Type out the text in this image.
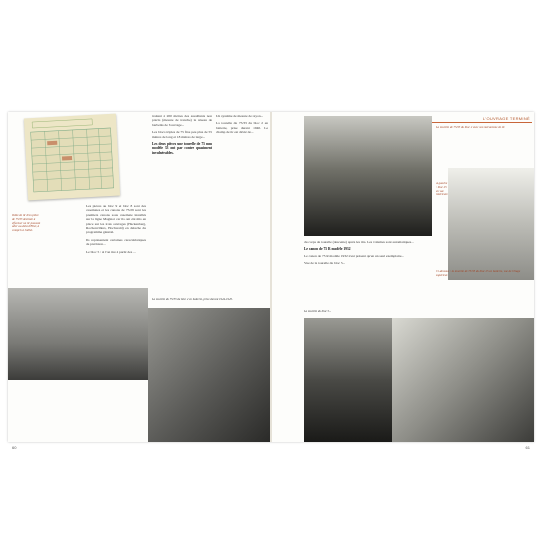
Table de tir d'un pièce de 75/33 destinée à effectuer un tir pouvant aller au-delà d'Eller, à compris à Juillet.

Les pièces au bloc 9 et bloc 8 sont des casemates et les canons de 75/29 sont les premiers canons sous casemate installés sur la ligne Maginot car ils ont été mis en place sur les trois ouvrages (Hackenberg, Rochonvillers, Hochwald) en détache du programme général.

Ils représentent certaines caractéristiques de précision...

Le bloc 5 : si l'on tire à partir des ...

traitent à 200 mètres des assaillants non précis (mesure de tranche) le réseau de barbelés de l'ouvrage...

Les blocs triples de 75 fixe peu plus de 55 mètres de long et 18 mètres de large...

Les deux pièces une tourelle de 75 mm modèle 33 ont par contre quasiment invulnérables.

Un système de mesure de rayon...

La tourelle du 75/33 du bloc 2 en batterie, prise durant 1940. Le champ de tir est dévié de...

La tourelle du 75/33 du bloc 2 en batterie, prise durant 1944-1945.
60
L'OUVRAGE TERMINÉ
La tourelle de 75/33 du bloc 2 avec son mécanisme de tir.
À gauche : bloc 25 en vue intérieure.

du corps de tourelle (descente) après les tirs. Les volumes sont automatiques...

Le canon de 75 R modèle 1932

Le canon de 75 R modèle 1932 n'est présent qu'en un seul exemplaire...

Vue de la tourelle du bloc 5...

Ci-dessous : la tourelle de 75/33 du bloc 25 en batterie, vue de l'étage supérieur.
La tourelle du bloc 5...
61
